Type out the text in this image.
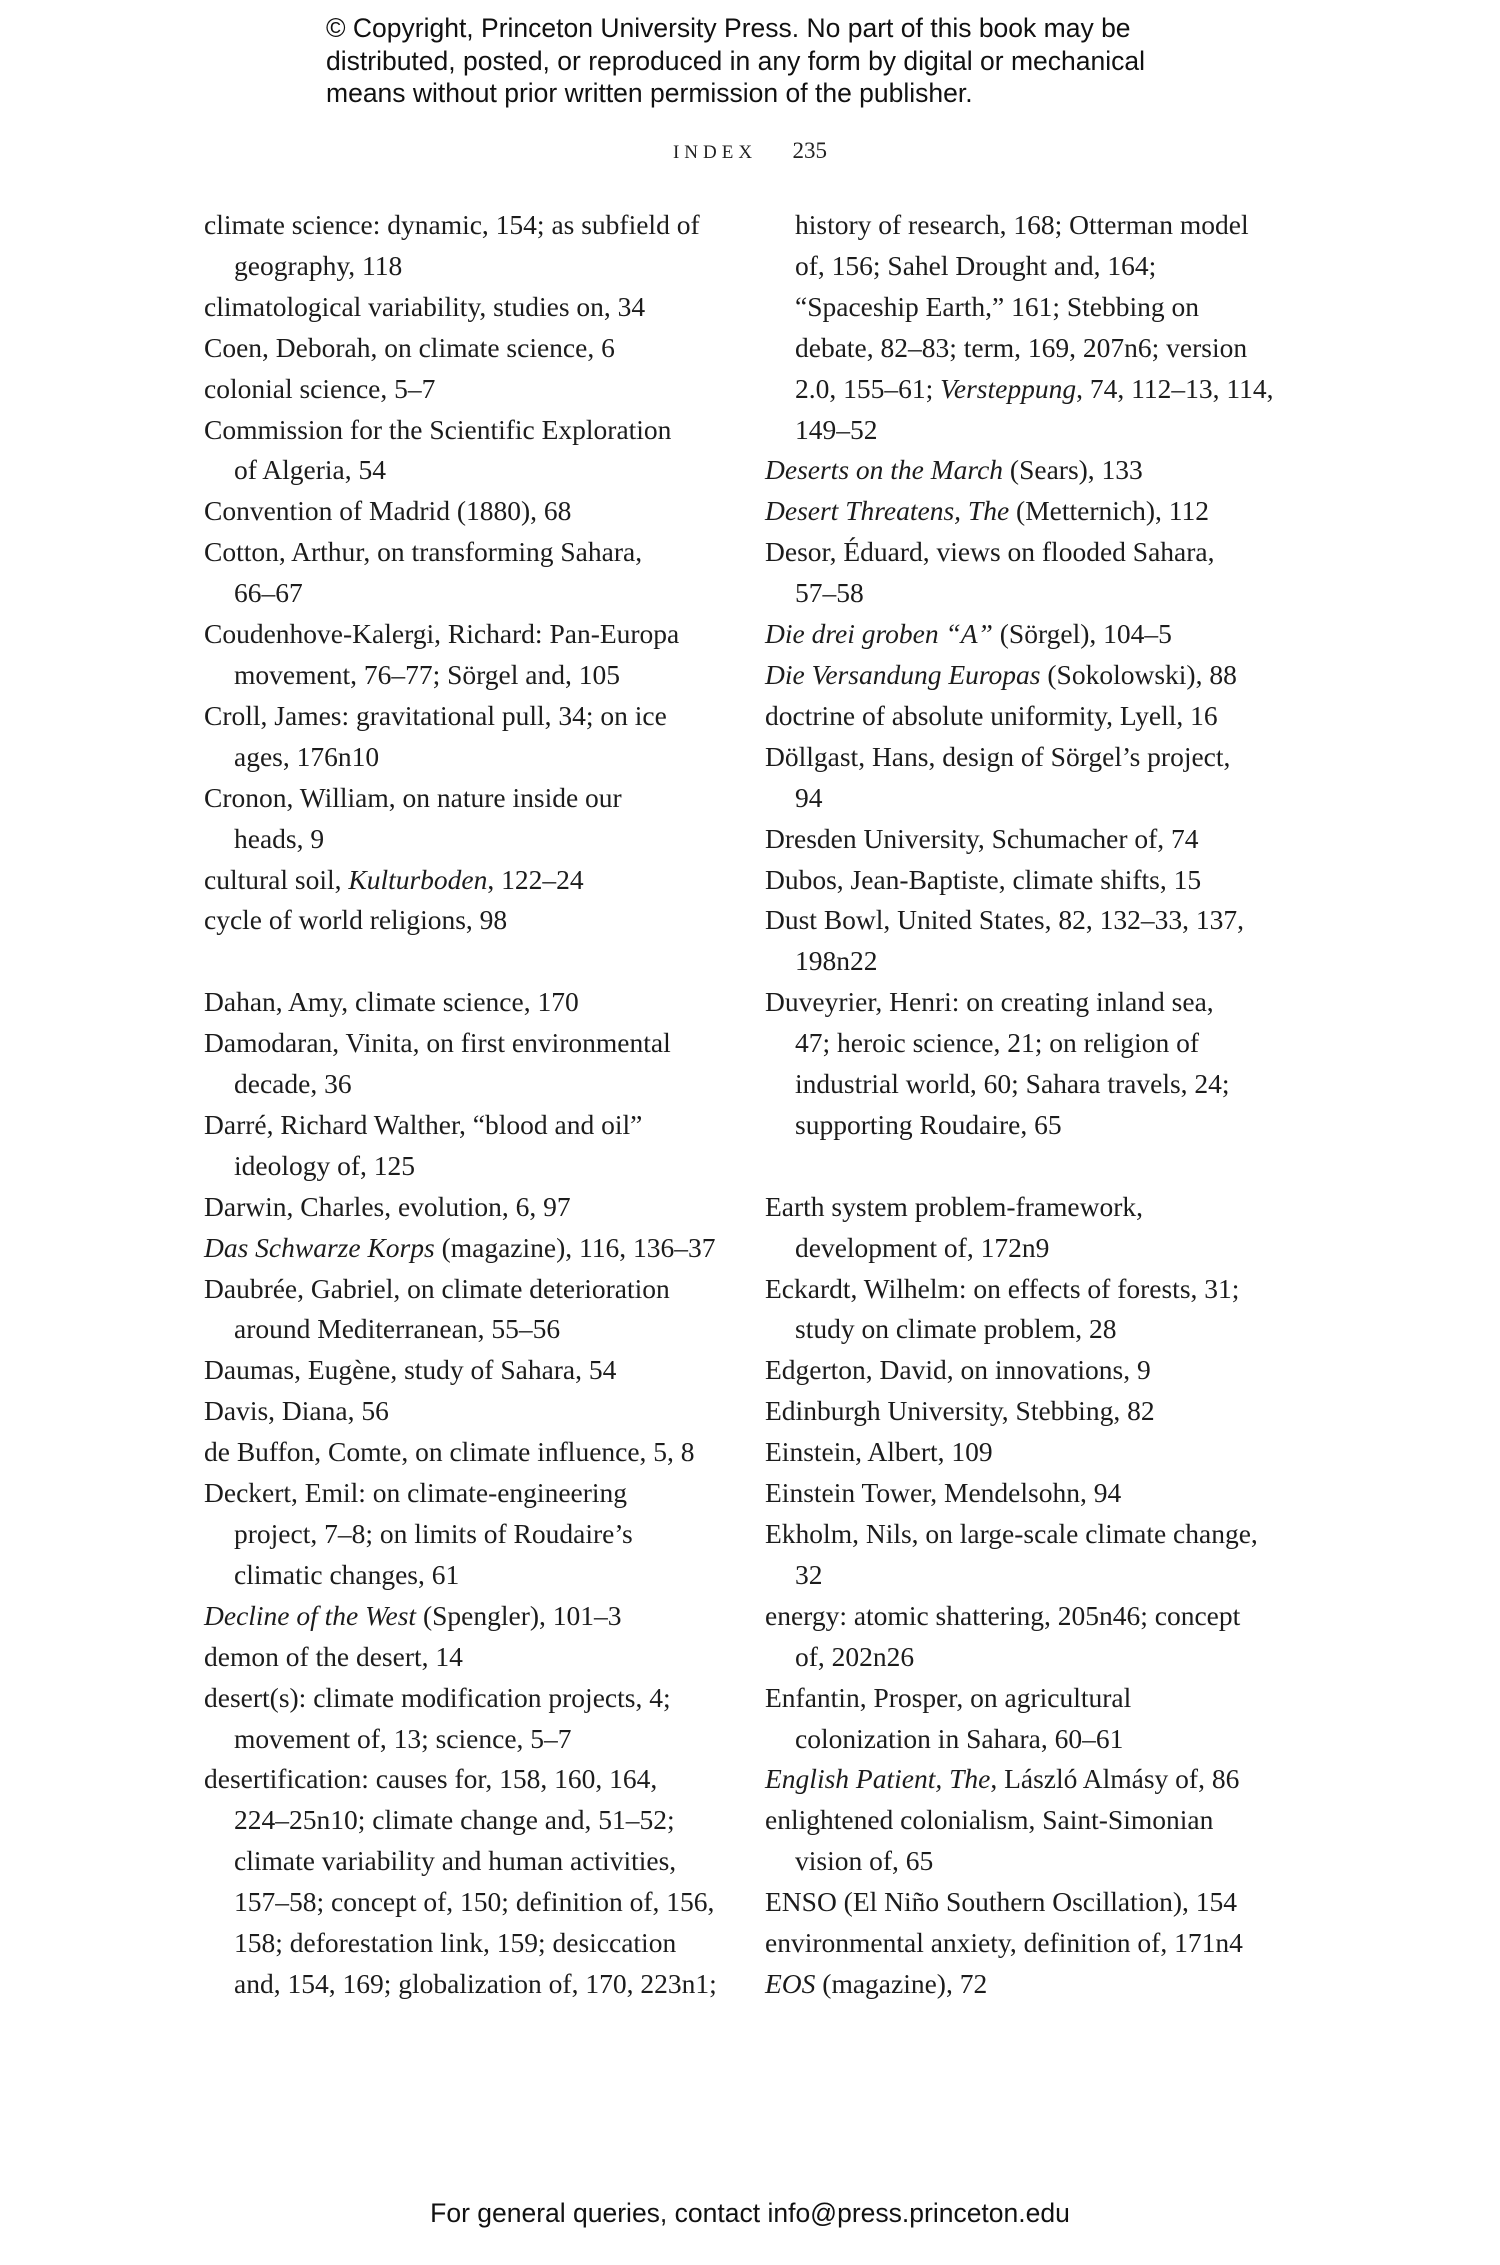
© Copyright, Princeton University Press. No part of this book may be
distributed, posted, or reproduced in any form by digital or mechanical
means without prior written permission of the publisher.
INDEX 235
climate science: dynamic, 154; as subfield of
geography, 118
climatological variability, studies on, 34
Coen, Deborah, on climate science, 6
colonial science, 5–7
Commission for the Scientific Exploration
of Algeria, 54
Convention of Madrid (1880), 68
Cotton, Arthur, on transforming Sahara,
66–67
Coudenhove-Kalergi, Richard: Pan-Europa
movement, 76–77; Sörgel and, 105
Croll, James: gravitational pull, 34; on ice
ages, 176n10
Cronon, William, on nature inside our
heads, 9
cultural soil, Kulturboden, 122–24
cycle of world religions, 98
Dahan, Amy, climate science, 170
Damodaran, Vinita, on first environmental
decade, 36
Darré, Richard Walther, “blood and oil”
ideology of, 125
Darwin, Charles, evolution, 6, 97
Das Schwarze Korps (magazine), 116, 136–37
Daubrée, Gabriel, on climate deterioration
around Mediterranean, 55–56
Daumas, Eugène, study of Sahara, 54
Davis, Diana, 56
de Buffon, Comte, on climate influence, 5, 8
Deckert, Emil: on climate-engineering
project, 7–8; on limits of Roudaire’s
climatic changes, 61
Decline of the West (Spengler), 101–3
demon of the desert, 14
desert(s): climate modification projects, 4;
movement of, 13; science, 5–7
desertification: causes for, 158, 160, 164,
224–25n10; climate change and, 51–52;
climate variability and human activities,
157–58; concept of, 150; definition of, 156,
158; deforestation link, 159; desiccation
and, 154, 169; globalization of, 170, 223n1;
history of research, 168; Otterman model
of, 156; Sahel Drought and, 164;
“Spaceship Earth,” 161; Stebbing on
debate, 82–83; term, 169, 207n6; version
2.0, 155–61; Versteppung, 74, 112–13, 114,
149–52
Deserts on the March (Sears), 133
Desert Threatens, The (Metternich), 112
Desor, Éduard, views on flooded Sahara,
57–58
Die drei groben “A” (Sörgel), 104–5
Die Versandung Europas (Sokolowski), 88
doctrine of absolute uniformity, Lyell, 16
Döllgast, Hans, design of Sörgel’s project,
94
Dresden University, Schumacher of, 74
Dubos, Jean-Baptiste, climate shifts, 15
Dust Bowl, United States, 82, 132–33, 137,
198n22
Duveyrier, Henri: on creating inland sea,
47; heroic science, 21; on religion of
industrial world, 60; Sahara travels, 24;
supporting Roudaire, 65
Earth system problem-framework,
development of, 172n9
Eckardt, Wilhelm: on effects of forests, 31;
study on climate problem, 28
Edgerton, David, on innovations, 9
Edinburgh University, Stebbing, 82
Einstein, Albert, 109
Einstein Tower, Mendelsohn, 94
Ekholm, Nils, on large-scale climate change,
32
energy: atomic shattering, 205n46; concept
of, 202n26
Enfantin, Prosper, on agricultural
colonization in Sahara, 60–61
English Patient, The, László Almásy of, 86
enlightened colonialism, Saint-Simonian
vision of, 65
ENSO (El Niño Southern Oscillation), 154
environmental anxiety, definition of, 171n4
EOS (magazine), 72
For general queries, contact info@press.princeton.edu
